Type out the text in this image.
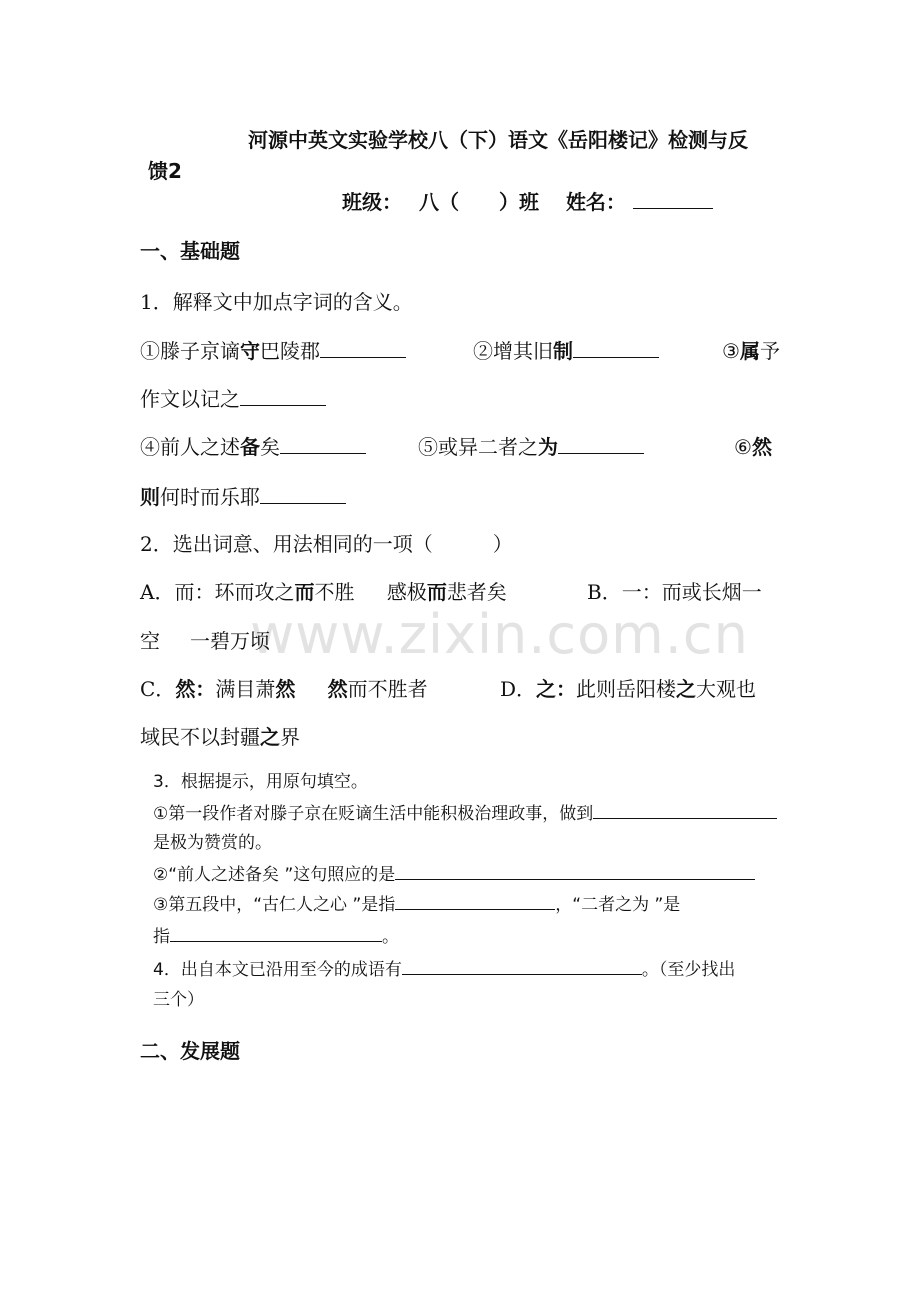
www.zixin.com.cn
河源中英文实验学校八（下）语文《岳阳楼记》检测与反
馈2
班级： 八（　　）班 姓名：
一、基础题
1．解释文中加点字词的含义。
①滕子京谪守巴陵郡	②增其旧制	③属予
作文以记之
④前人之述备矣	⑤或异二者之为	⑥然
则何时而乐耶
2．选出词意、用法相同的一项（　　　）
A．而：环而攻之而不胜 感极而悲者矣	B．一：而或长烟一
空 一碧万顷
C．然：满目萧然 然而不胜者	D．之：此则岳阳楼之大观也
域民不以封疆之界
3．根据提示，用原句填空。
①第一段作者对滕子京在贬谪生活中能积极治理政事，做到
是极为赞赏的。
②“前人之述备矣 ”这句照应的是
③第五段中，“古仁人之心 ”是指	，“二者之为 ”是
指	。
4．出自本文已沿用至今的成语有	。（至少找出
三个）
二、发展题
